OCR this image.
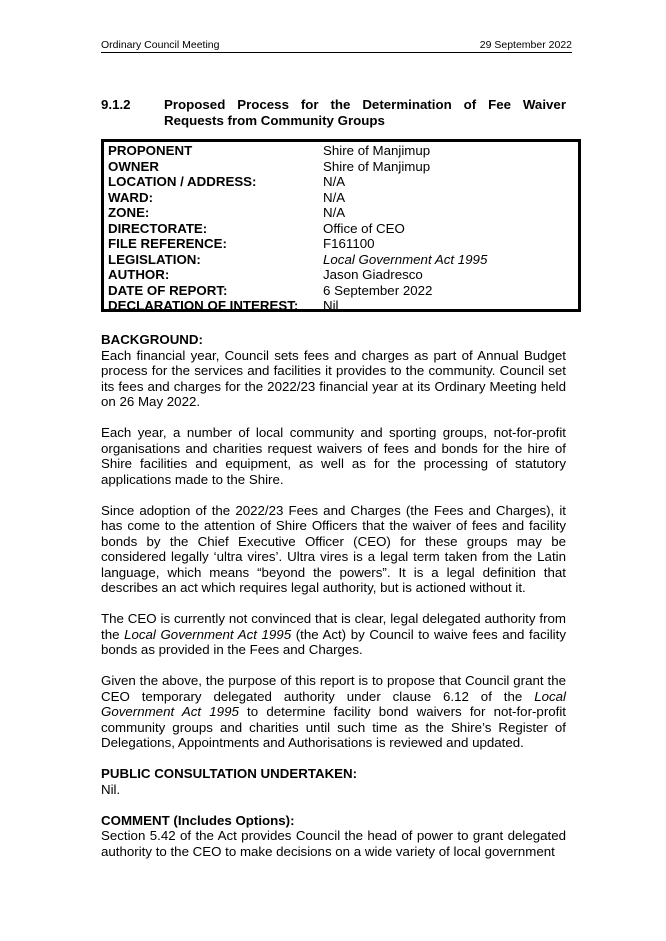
Ordinary Council Meeting	29 September 2022
9.1.2	Proposed Process for the Determination of Fee Waiver Requests from Community Groups
PROPONENT	Shire of Manjimup
OWNER	Shire of Manjimup
LOCATION / ADDRESS:	N/A
WARD:	N/A
ZONE:	N/A
DIRECTORATE:	Office of CEO
FILE REFERENCE:	F161100
LEGISLATION:	Local Government Act 1995
AUTHOR:	Jason Giadresco
DATE OF REPORT:	6 September 2022
DECLARATION OF INTEREST:	Nil
BACKGROUND:

Each financial year, Council sets fees and charges as part of Annual Budget process for the services and facilities it provides to the community. Council set its fees and charges for the 2022/23 financial year at its Ordinary Meeting held on 26 May 2022.

Each year, a number of local community and sporting groups, not-for-profit organisations and charities request waivers of fees and bonds for the hire of Shire facilities and equipment, as well as for the processing of statutory applications made to the Shire.

Since adoption of the 2022/23 Fees and Charges (the Fees and Charges), it has come to the attention of Shire Officers that the waiver of fees and facility bonds by the Chief Executive Officer (CEO) for these groups may be considered legally ‘ultra vires’. Ultra vires is a legal term taken from the Latin language, which means “beyond the powers”. It is a legal definition that describes an act which requires legal authority, but is actioned without it.

The CEO is currently not convinced that is clear, legal delegated authority from the Local Government Act 1995 (the Act) by Council to waive fees and facility bonds as provided in the Fees and Charges.

Given the above, the purpose of this report is to propose that Council grant the CEO temporary delegated authority under clause 6.12 of the Local Government Act 1995 to determine facility bond waivers for not-for-profit community groups and charities until such time as the Shire’s Register of Delegations, Appointments and Authorisations is reviewed and updated.

PUBLIC CONSULTATION UNDERTAKEN:

Nil.

COMMENT (Includes Options):

Section 5.42 of the Act provides Council the head of power to grant delegated authority to the CEO to make decisions on a wide variety of local government
